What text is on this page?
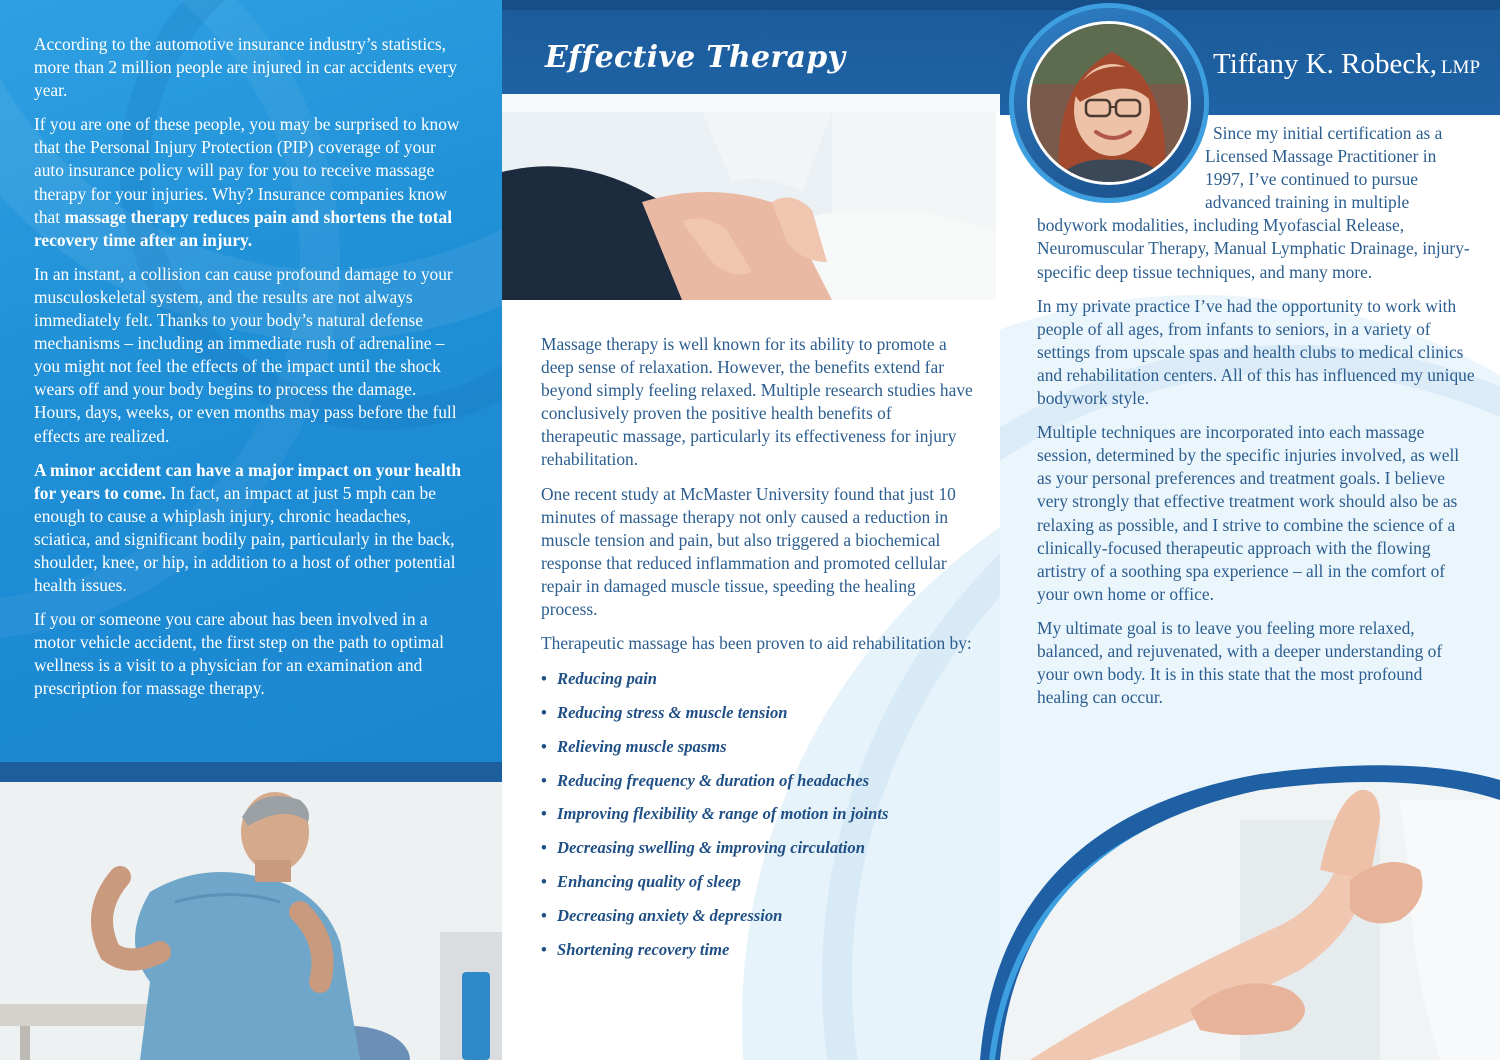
According to the automotive insurance industry’s statistics, more than 2 million people are injured in car accidents every year.

If you are one of these people, you may be surprised to know that the Personal Injury Protection (PIP) coverage of your auto insurance policy will pay for you to receive massage therapy for your injuries. Why? Insurance companies know that massage therapy reduces pain and shortens the total recovery time after an injury.

In an instant, a collision can cause profound damage to your musculoskeletal system, and the results are not always immediately felt. Thanks to your body’s natural defense mechanisms – including an immediate rush of adrenaline – you might not feel the effects of the impact until the shock wears off and your body begins to process the damage. Hours, days, weeks, or even months may pass before the full effects are realized.

A minor accident can have a major impact on your health for years to come. In fact, an impact at just 5 mph can be enough to cause a whiplash injury, chronic headaches, sciatica, and significant bodily pain, particularly in the back, shoulder, knee, or hip, in addition to a host of other potential health issues.

If you or someone you care about has been involved in a motor vehicle accident, the first step on the path to optimal wellness is a visit to a physician for an examination and prescription for massage therapy.

Effective Therapy

Massage therapy is well known for its ability to promote a deep sense of relaxation. However, the benefits extend far beyond simply feeling relaxed. Multiple research studies have conclusively proven the positive health benefits of therapeutic massage, particularly its effectiveness for injury rehabilitation.

One recent study at McMaster University found that just 10 minutes of massage therapy not only caused a reduction in muscle tension and pain, but also triggered a biochemical response that reduced inflammation and promoted cellular repair in damaged muscle tissue, speeding the healing process.

Therapeutic massage has been proven to aid rehabilitation by:

• Reducing pain
• Reducing stress & muscle tension
• Relieving muscle spasms
• Reducing frequency & duration of headaches
• Improving flexibility & range of motion in joints
• Decreasing swelling & improving circulation
• Enhancing quality of sleep
• Decreasing anxiety & depression
• Shortening recovery time
Tiffany K. Robeck, LMP

Since my initial certification as a Licensed Massage Practitioner in 1997, I’ve continued to pursue advanced training in multiple bodywork modalities, including Myofascial Release, Neuromuscular Therapy, Manual Lymphatic Drainage, injury-specific deep tissue techniques, and many more.

In my private practice I’ve had the opportunity to work with people of all ages, from infants to seniors, in a variety of settings from upscale spas and health clubs to medical clinics and rehabilitation centers. All of this has influenced my unique bodywork style.

Multiple techniques are incorporated into each massage session, determined by the specific injuries involved, as well as your personal preferences and treatment goals. I believe very strongly that effective treatment work should also be as relaxing as possible, and I strive to combine the science of a clinically-focused therapeutic approach with the flowing artistry of a soothing spa experience – all in the comfort of your own home or office.

My ultimate goal is to leave you feeling more relaxed, balanced, and rejuvenated, with a deeper understanding of your own body. It is in this state that the most profound healing can occur.
